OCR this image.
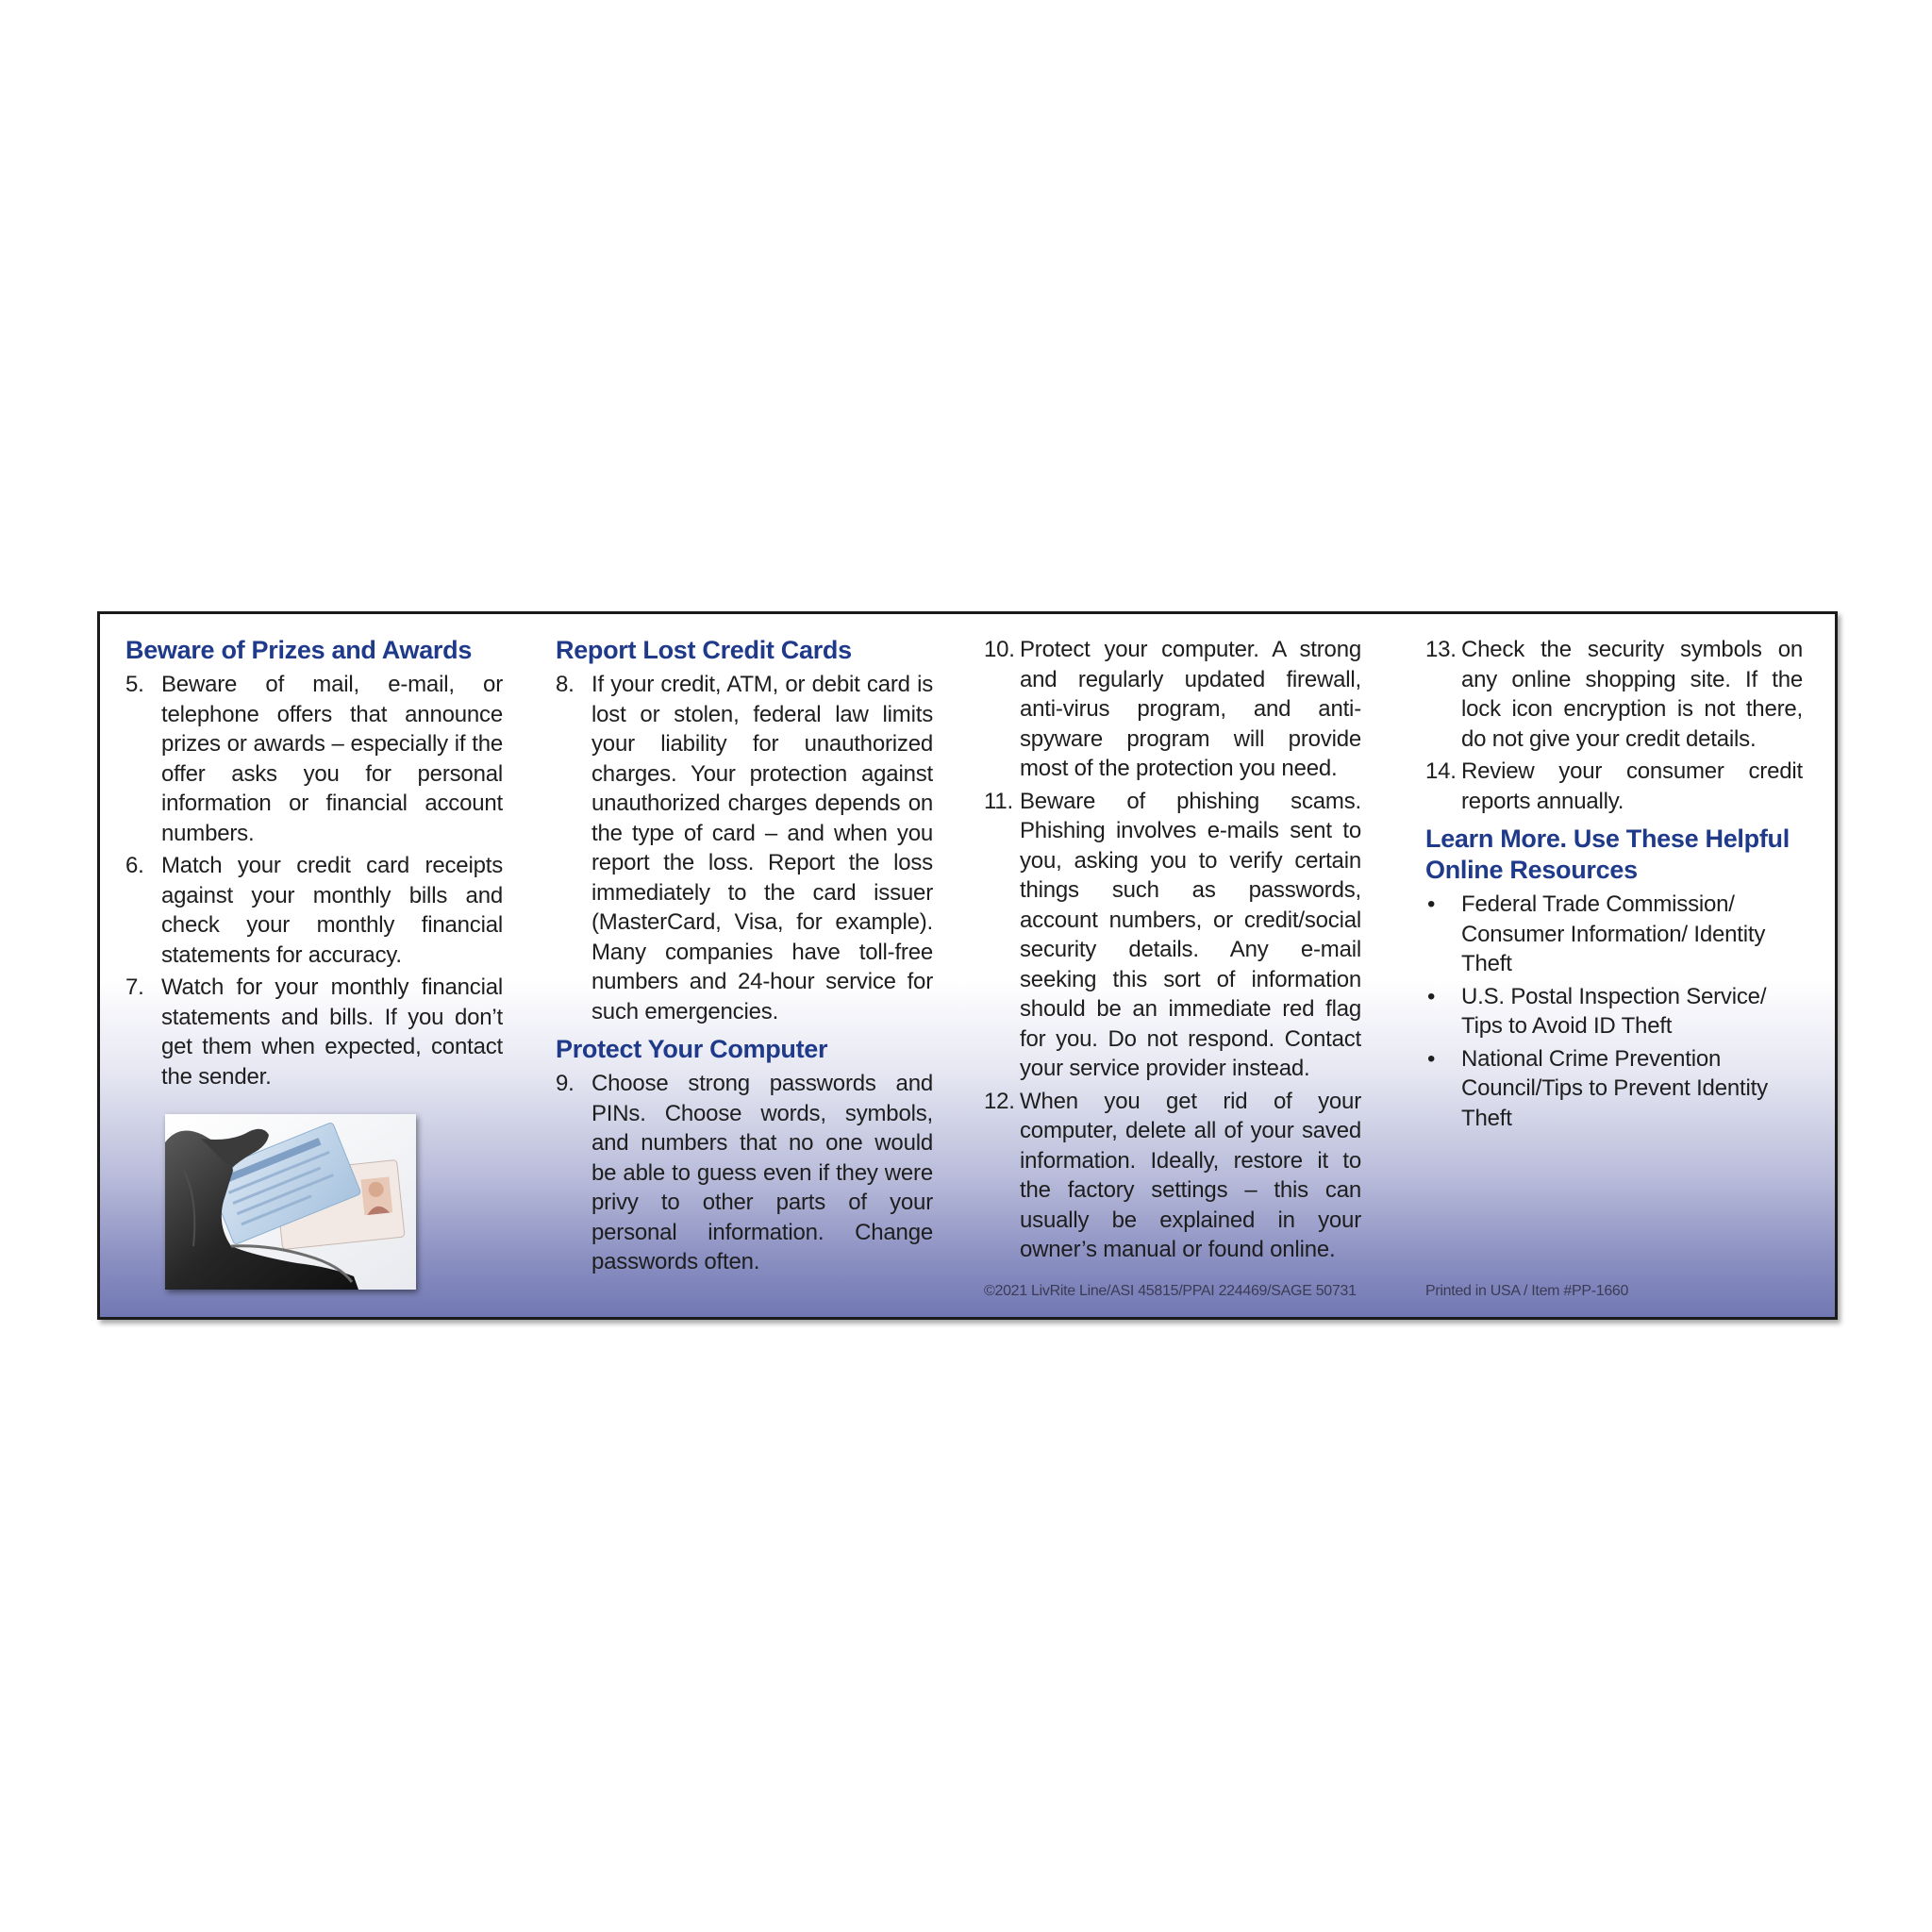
Beware of Prizes and Awards
5. Beware of mail, e-mail, or telephone offers that announce prizes or awards – especially if the offer asks you for personal information or financial account numbers.
6. Match your credit card receipts against your monthly bills and check your monthly financial statements for accuracy.
7. Watch for your monthly financial statements and bills. If you don’t get them when expected, contact the sender.
Report Lost Credit Cards
8. If your credit, ATM, or debit card is lost or stolen, federal law limits your liability for unauthorized charges. Your protection against unauthorized charges depends on the type of card – and when you report the loss. Report the loss immediately to the card issuer (MasterCard, Visa, for example). Many companies have toll-free numbers and 24-hour service for such emergencies.
Protect Your Computer
9. Choose strong passwords and PINs. Choose words, symbols, and numbers that no one would be able to guess even if they were privy to other parts of your personal information. Change passwords often.
10. Protect your computer. A strong and regularly updated firewall, anti-virus program, and anti-spyware program will provide most of the protection you need.
11. Beware of phishing scams. Phishing involves e-mails sent to you, asking you to verify certain things such as passwords, account numbers, or credit/social security details. Any e-mail seeking this sort of information should be an immediate red flag for you. Do not respond. Contact your service provider instead.
12. When you get rid of your computer, delete all of your saved information. Ideally, restore it to the factory settings – this can usually be explained in your owner’s manual or found online.
13. Check the security symbols on any online shopping site. If the lock icon encryption is not there, do not give your credit details.
14. Review your consumer credit reports annually.
Learn More. Use These Helpful Online Resources
•	Federal Trade Commission/ Consumer Information/ Identity Theft
•	U.S. Postal Inspection Service/ Tips to Avoid ID Theft
•	National Crime Prevention Council/Tips to Prevent Identity Theft
©2021 LivRite Line/ASI 45815/PPAI 224469/SAGE 50731	Printed in USA / Item #PP-1660
